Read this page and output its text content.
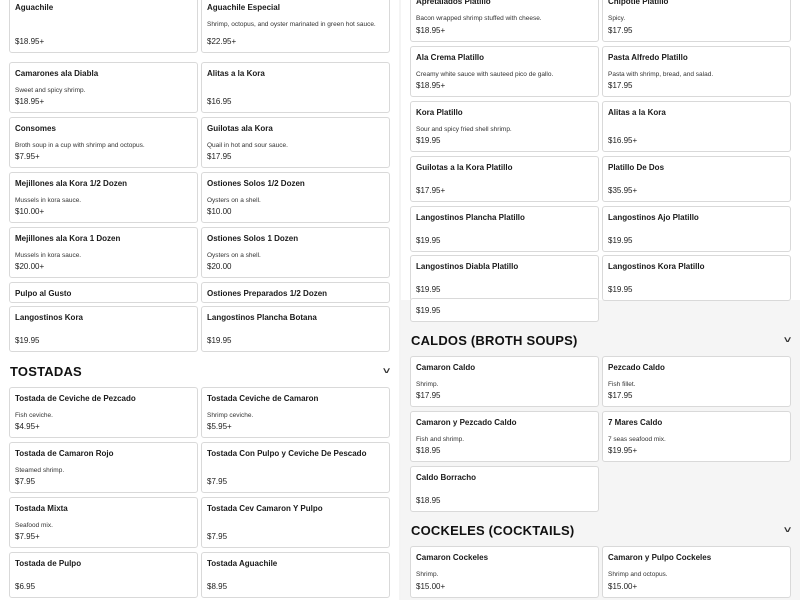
Aguachile
$18.95+
Aguachile Especial
Shrimp, octopus, and oyster marinated in green hot sauce.
$22.95+
Camarones ala Diabla
Sweet and spicy shrimp.
$18.95+
Alitas a la Kora
$16.95
Consomes
Broth soup in a cup with shrimp and octopus.
$7.95+
Guilotas ala Kora
Quail in hot and sour sauce.
$17.95
Mejillones ala Kora 1/2 Dozen
Mussels in kora sauce.
$10.00+
Ostiones Solos 1/2 Dozen
Oysters on a shell.
$10.00
Mejillones ala Kora 1 Dozen
Mussels in kora sauce.
$20.00+
Ostiones Solos 1 Dozen
Oysters on a shell.
$20.00
Pulpo al Gusto	Ostiones Preparados 1/2 Dozen
Langostinos Kora
$19.95
Langostinos Plancha Botana
$19.95
TOSTADAS	˅
Tostada de Ceviche de Pezcado
Fish ceviche.
$4.95+
Tostada Ceviche de Camaron
Shrimp ceviche.
$5.95+
Tostada de Camaron Rojo
Steamed shrimp.
$7.95
Tostada Con Pulpo y Ceviche De Pescado
$7.95
Tostada Mixta
Seafood mix.
$7.95+
Tostada Cev Camaron Y Pulpo
$7.95
Tostada de Pulpo
$6.95
Tostada Aguachile
$8.95
Apretalados Platillo
Bacon wrapped shrimp stuffed with cheese.
$18.95+
Chipotle Platillo
Spicy.
$17.95
Ala Crema Platillo
Creamy white sauce with sauteed pico de gallo.
$18.95+
Pasta Alfredo Platillo
Pasta with shrimp, bread, and salad.
$17.95
Kora Platillo
Sour and spicy fried shell shrimp.
$19.95
Alitas a la Kora
$16.95+
Guilotas a la Kora Platillo
$17.95+
Platillo De Dos
$35.95+
Langostinos Plancha Platillo
$19.95
Langostinos Ajo Platillo
$19.95
Langostinos Diabla Platillo
$19.95
Langostinos Kora Platillo
$19.95
$19.95
CALDOS (BROTH SOUPS)	˅
Camaron Caldo
Shrimp.
$17.95
Pezcado Caldo
Fish fillet.
$17.95
Camaron y Pezcado Caldo
Fish and shrimp.
$18.95
7 Mares Caldo
7 seas seafood mix.
$19.95+
Caldo Borracho
$18.95
COCKELES (COCKTAILS)	˅
Camaron Cockeles
Shrimp.
$15.00+
Camaron y Pulpo Cockeles
Shrimp and octopus.
$15.00+
